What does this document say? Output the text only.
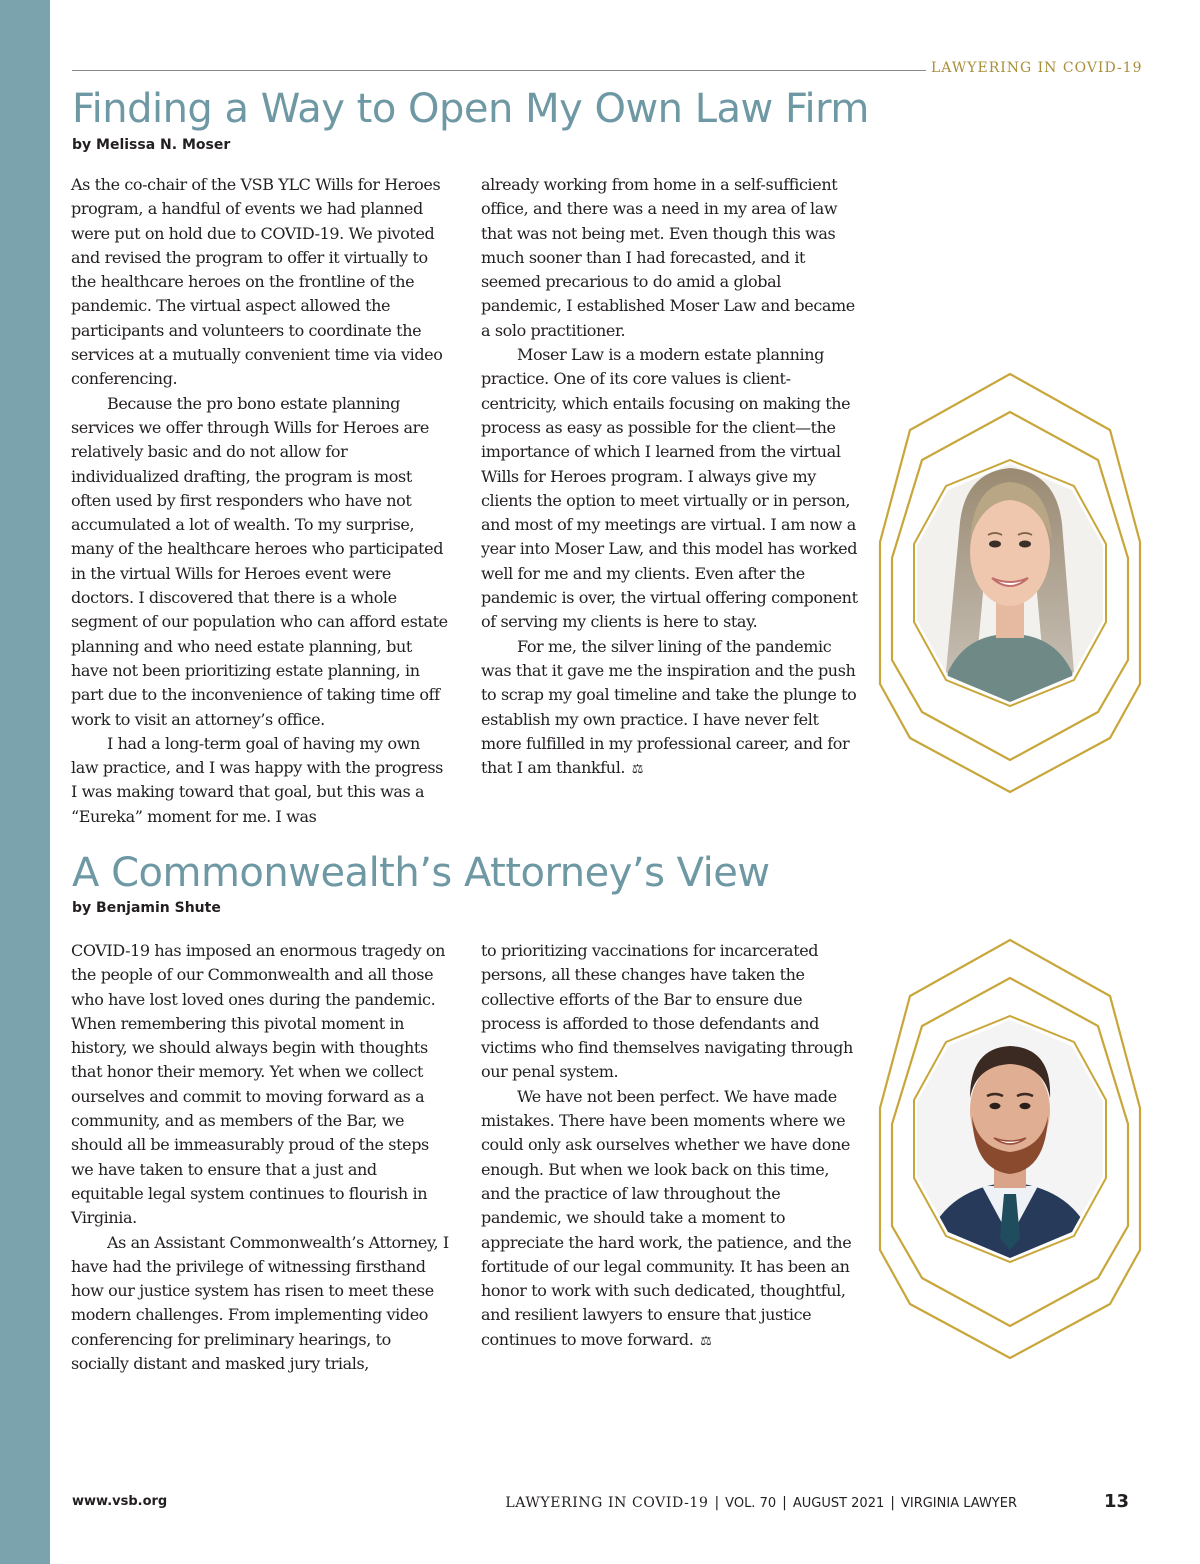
LAWYERING IN COVID-19
Finding a Way to Open My Own Law Firm
by Melissa N. Moser

As the co-chair of the VSB YLC Wills for Heroes program, a handful of events we had planned were put on hold due to COVID-19. We pivoted and revised the program to offer it virtually to the healthcare heroes on the frontline of the pandemic. The virtual aspect allowed the participants and volunteers to coordinate the services at a mutually convenient time via video conferencing.

Because the pro bono estate planning services we offer through Wills for Heroes are relatively basic and do not allow for individualized drafting, the program is most often used by first responders who have not accumulated a lot of wealth. To my surprise, many of the healthcare heroes who participated in the virtual Wills for Heroes event were doctors. I discovered that there is a whole segment of our population who can afford estate planning and who need estate planning, but have not been prioritizing estate planning, in part due to the inconvenience of taking time off work to visit an attorney’s office.

I had a long-term goal of having my own law practice, and I was happy with the progress I was making toward that goal, but this was a “Eureka” moment for me. I was

already working from home in a self-sufficient office, and there was a need in my area of law that was not being met. Even though this was much sooner than I had forecasted, and it seemed precarious to do amid a global pandemic, I established Moser Law and became a solo practitioner.

Moser Law is a modern estate planning practice. One of its core values is client-centricity, which entails focusing on making the process as easy as possible for the client—the importance of which I learned from the virtual Wills for Heroes program. I always give my clients the option to meet virtually or in person, and most of my meetings are virtual. I am now a year into Moser Law, and this model has worked well for me and my clients. Even after the pandemic is over, the virtual offering component of serving my clients is here to stay.

For me, the silver lining of the pandemic was that it gave me the inspiration and the push to scrap my goal timeline and take the plunge to establish my own practice. I have never felt more fulfilled in my professional career, and for that I am thankful. ⚖

A Commonwealth’s Attorney’s View
by Benjamin Shute

COVID-19 has imposed an enormous tragedy on the people of our Commonwealth and all those who have lost loved ones during the pandemic. When remembering this pivotal moment in history, we should always begin with thoughts that honor their memory. Yet when we collect ourselves and commit to moving forward as a community, and as members of the Bar, we should all be immeasurably proud of the steps we have taken to ensure that a just and equitable legal system continues to flourish in Virginia.

As an Assistant Commonwealth’s Attorney, I have had the privilege of witnessing firsthand how our justice system has risen to meet these modern challenges. From implementing video conferencing for preliminary hearings, to socially distant and masked jury trials,

to prioritizing vaccinations for incarcerated persons, all these changes have taken the collective efforts of the Bar to ensure due process is afforded to those defendants and victims who find themselves navigating through our penal system.

We have not been perfect. We have made mistakes. There have been moments where we could only ask ourselves whether we have done enough. But when we look back on this time, and the practice of law throughout the pandemic, we should take a moment to appreciate the hard work, the patience, and the fortitude of our legal community. It has been an honor to work with such dedicated, thoughtful, and resilient lawyers to ensure that justice continues to move forward. ⚖

www.vsb.org	LAWYERING IN COVID-19 | VOL. 70 | AUGUST 2021 | VIRGINIA LAWYER	13
